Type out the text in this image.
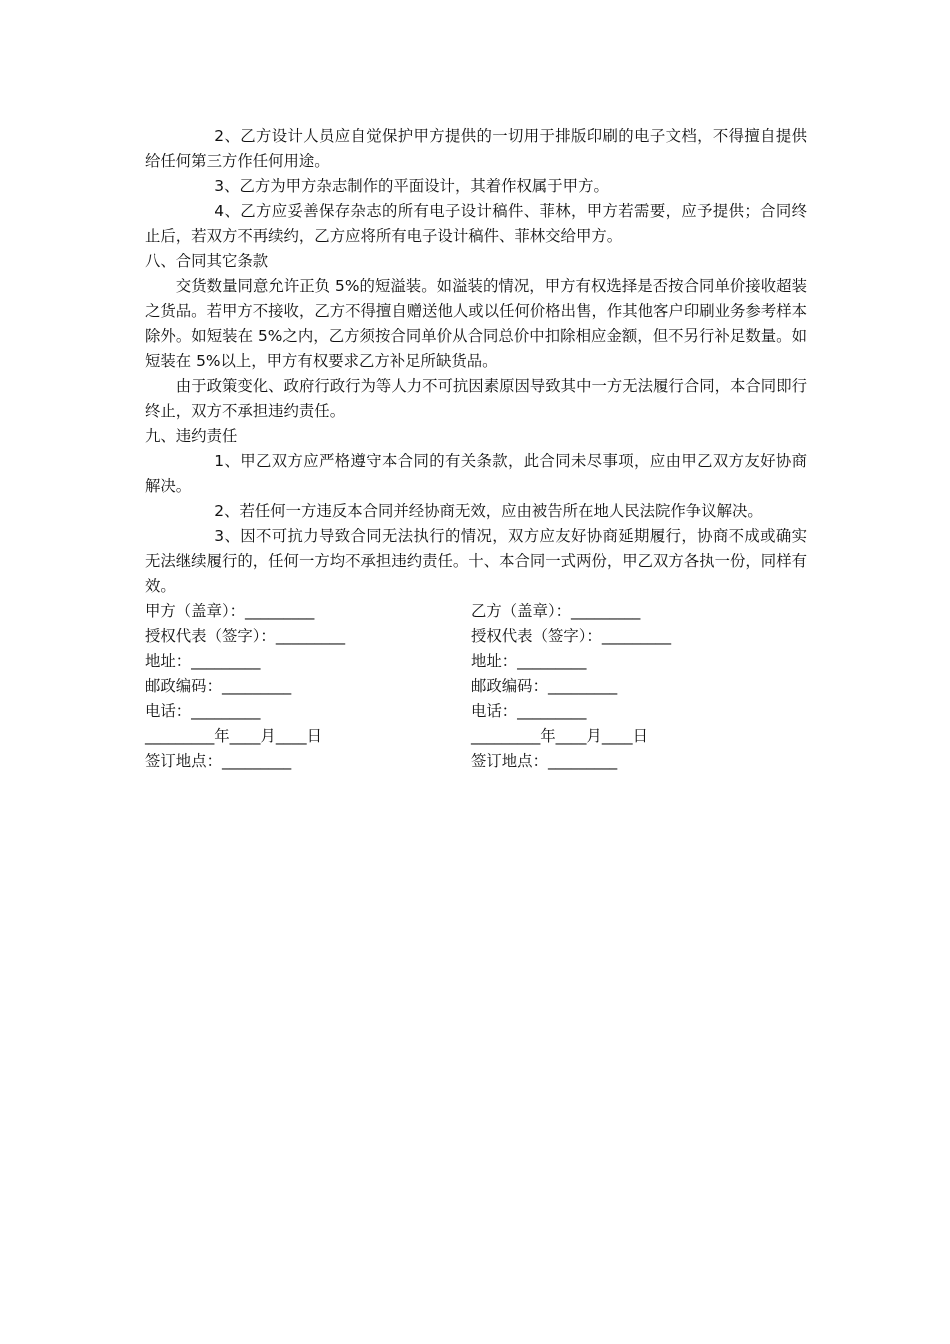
2、乙方设计人员应自觉保护甲方提供的一切用于排版印刷的电子文档，不得擅自提供给任何第三方作任何用途。

3、乙方为甲方杂志制作的平面设计，其着作权属于甲方。

4、乙方应妥善保存杂志的所有电子设计稿件、菲林，甲方若需要，应予提供；合同终止后，若双方不再续约，乙方应将所有电子设计稿件、菲林交给甲方。

八、合同其它条款

交货数量同意允许正负 5%的短溢装。如溢装的情况，甲方有权选择是否按合同单价接收超装之货品。若甲方不接收，乙方不得擅自赠送他人或以任何价格出售，作其他客户印刷业务参考样本除外。如短装在 5%之内，乙方须按合同单价从合同总价中扣除相应金额，但不另行补足数量。如短装在 5%以上，甲方有权要求乙方补足所缺货品。

由于政策变化、政府行政行为等人力不可抗因素原因导致其中一方无法履行合同，本合同即行终止，双方不承担违约责任。

九、违约责任

1、甲乙双方应严格遵守本合同的有关条款，此合同未尽事项，应由甲乙双方友好协商解决。

2、若任何一方违反本合同并经协商无效，应由被告所在地人民法院作争议解决。

3、因不可抗力导致合同无法执行的情况，双方应友好协商延期履行，协商不成或确实无法继续履行的，任何一方均不承担违约责任。十、本合同一式两份，甲乙双方各执一份，同样有效。

甲方（盖章）：_________	乙方（盖章）：_________
授权代表（签字）：_________	授权代表（签字）：_________
地址：_________	地址：_________
邮政编码：_________	邮政编码：_________
电话：_________	电话：_________
_________年____月____日	_________年____月____日
签订地点：_________	签订地点：_________
